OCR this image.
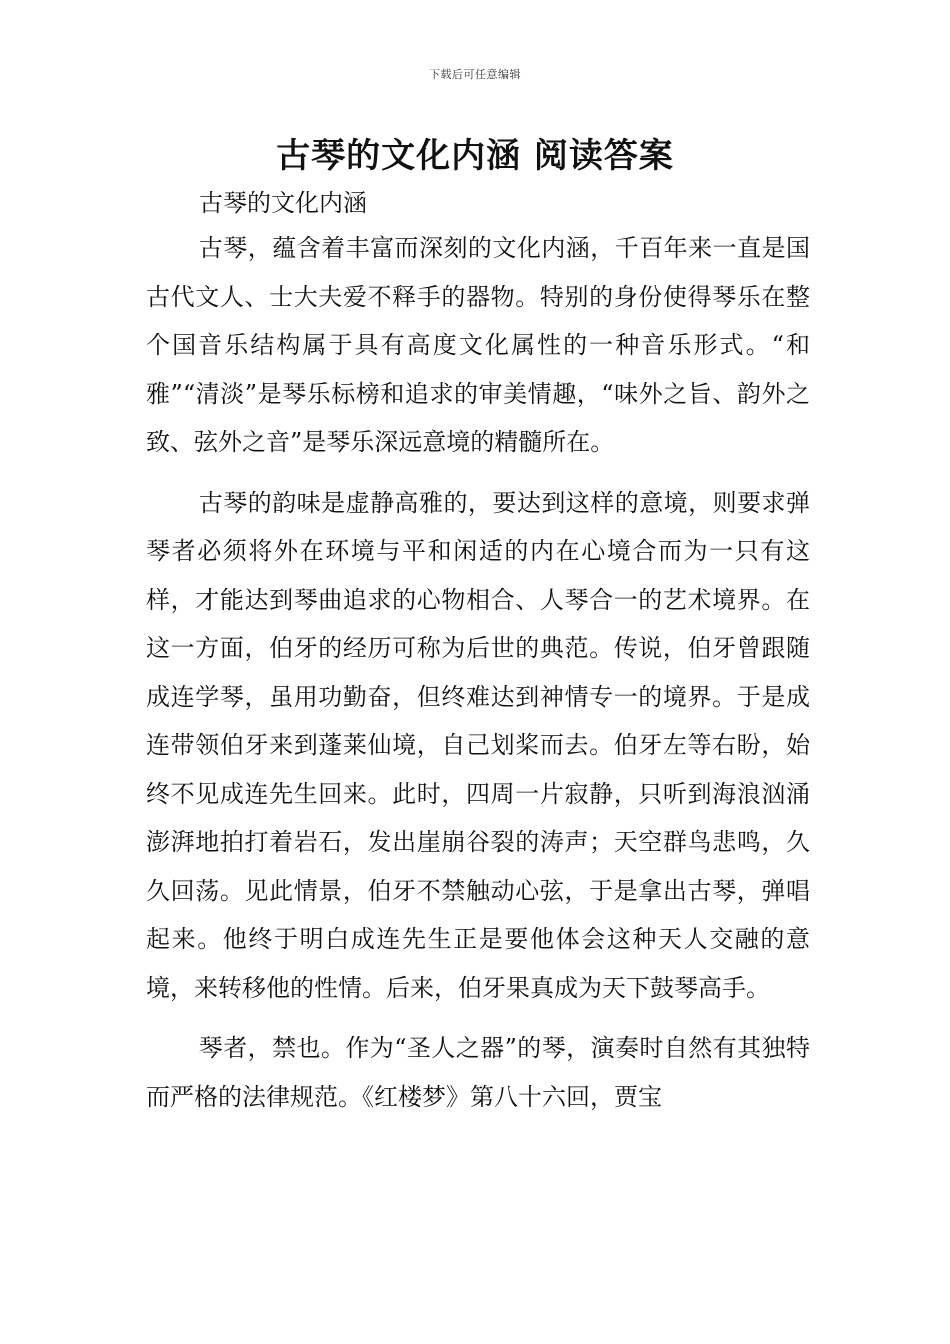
下载后可任意编辑
古琴的文化内涵 阅读答案
古琴的文化内涵

古琴，蕴含着丰富而深刻的文化内涵，千百年来一直是国古代文人、士大夫爱不释手的器物。特别的身份使得琴乐在整个国音乐结构属于具有高度文化属性的一种音乐形式。“和雅”“清淡”是琴乐标榜和追求的审美情趣，“味外之旨、韵外之致、弦外之音”是琴乐深远意境的精髓所在。

古琴的韵味是虚静高雅的，要达到这样的意境，则要求弹琴者必须将外在环境与平和闲适的内在心境合而为一只有这样，才能达到琴曲追求的心物相合、人琴合一的艺术境界。在这一方面，伯牙的经历可称为后世的典范。传说，伯牙曾跟随成连学琴，虽用功勤奋，但终难达到神情专一的境界。于是成连带领伯牙来到蓬莱仙境，自己划桨而去。伯牙左等右盼，始终不见成连先生回来。此时，四周一片寂静，只听到海浪汹涌澎湃地拍打着岩石，发出崖崩谷裂的涛声；天空群鸟悲鸣，久久回荡。见此情景，伯牙不禁触动心弦，于是拿出古琴，弹唱起来。他终于明白成连先生正是要他体会这种天人交融的意境，来转移他的性情。后来，伯牙果真成为天下鼓琴高手。

琴者，禁也。作为“圣人之器”的琴，演奏时自然有其独特而严格的法律规范。《红楼梦》第八十六回，贾宝
